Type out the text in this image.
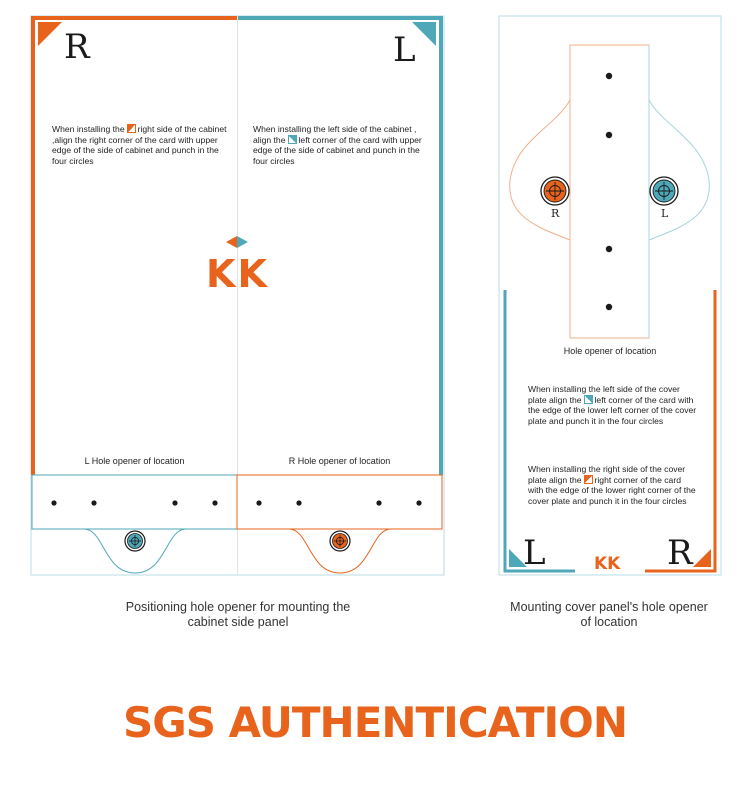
R	L
When installing the right side of the cabinet ,align the right corner of the card with upper edge of the side of cabinet and punch in the four circles
When installing the left side of the cabinet , align the left corner of the card with upper edge of the side of cabinet and punch in the four circles
KK
L Hole opener of location	R Hole opener of location
Positioning hole opener for mounting the cabinet side panel
R	L
Hole opener of location
When installing the left side of the cover plate align the left corner of the card with the edge of the lower left corner of the cover plate and punch it in the four circles
When installing the right side of the cover plate align the right corner of the card with the edge of the lower right corner of the cover plate and punch it in the four circles
L	R
KK
Mounting cover panel's hole opener of location
SGS AUTHENTICATION
